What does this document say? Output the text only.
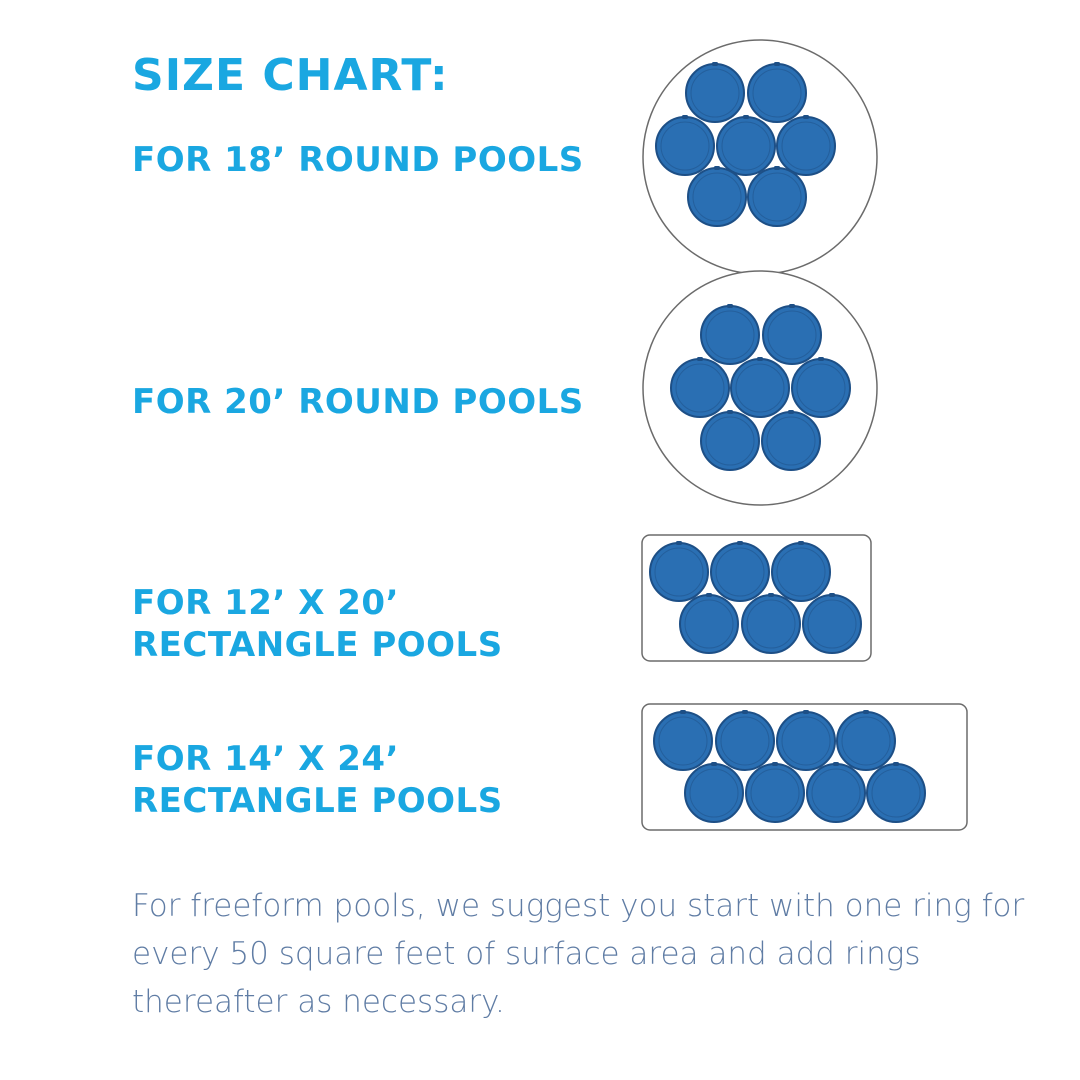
SIZE CHART:
FOR 18’ ROUND POOLS
FOR 20’ ROUND POOLS
FOR 12’ X 20’
RECTANGLE POOLS
FOR 14’ X 24’
RECTANGLE POOLS

For freeform pools, we suggest you start with one ring for every 50 square feet of surface area and add rings thereafter as necessary.
